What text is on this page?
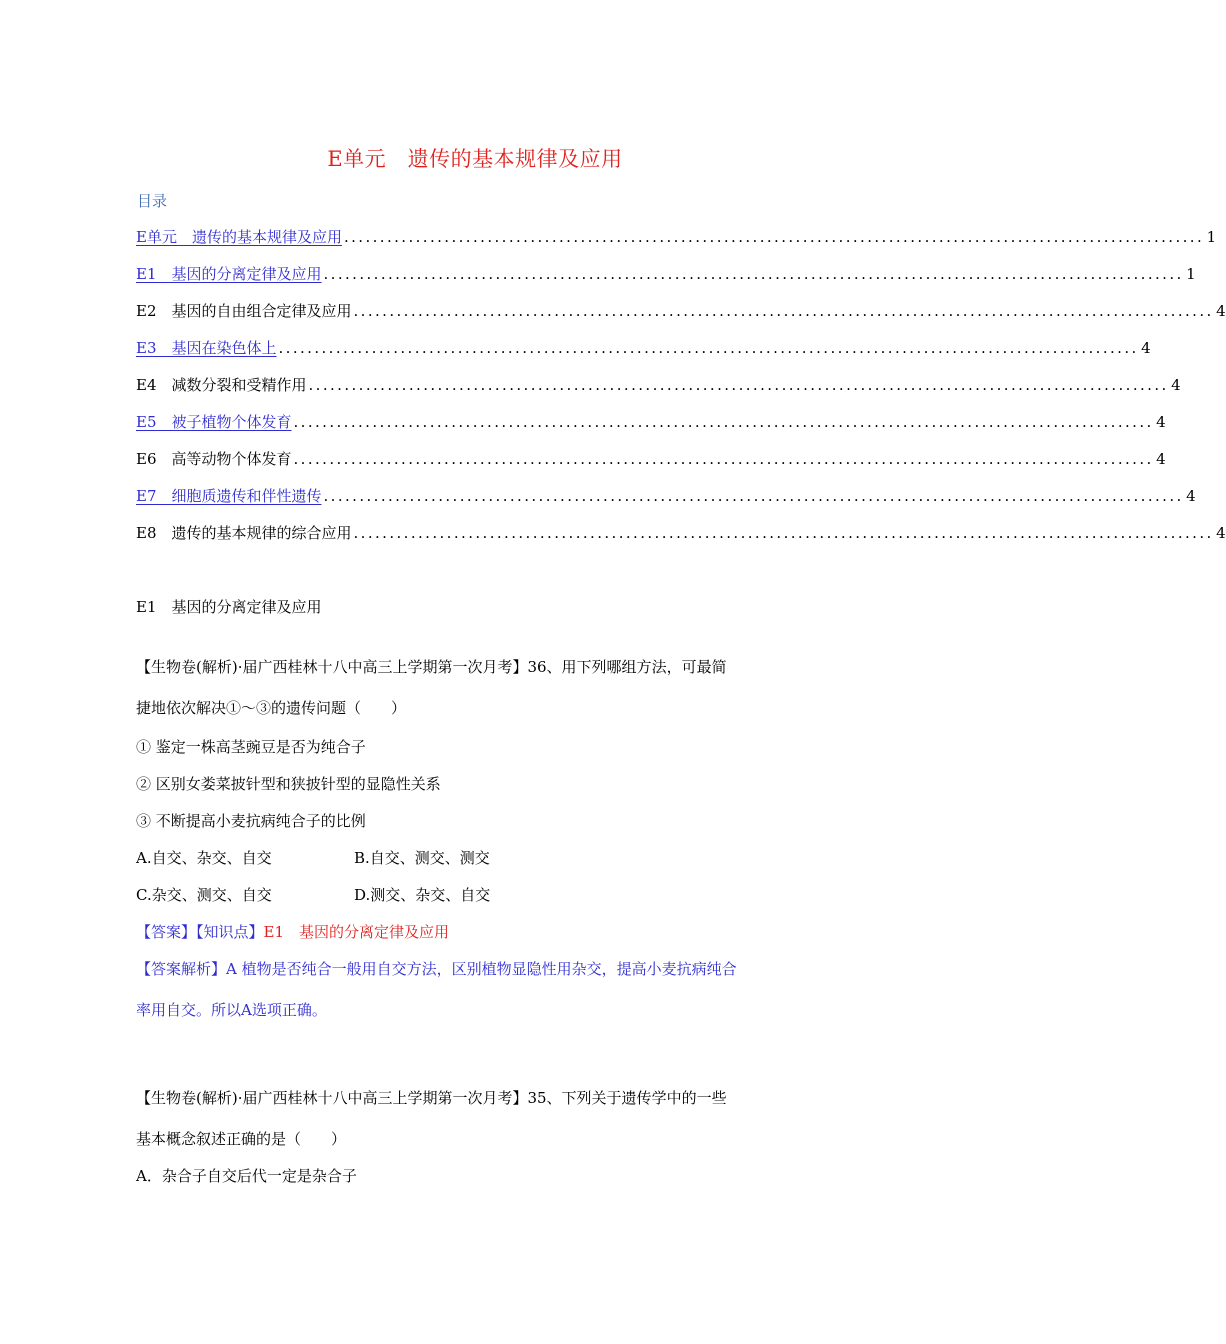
E单元　遗传的基本规律及应用
目录
E单元　遗传的基本规律及应用 ........................................................................................................................ 1
E1　基因的分离定律及应用 ........................................................................................................................ 1
E2　基因的自由组合定律及应用 ........................................................................................................................ 4
E3　基因在染色体上 ........................................................................................................................ 4
E4　减数分裂和受精作用 ........................................................................................................................ 4
E5　被子植物个体发育 ........................................................................................................................ 4
E6　高等动物个体发育 ........................................................................................................................ 4
E7　细胞质遗传和伴性遗传 ........................................................................................................................ 4
E8　遗传的基本规律的综合应用 ........................................................................................................................ 4
E1　基因的分离定律及应用
【生物卷(解析)·届广西桂林十八中高三上学期第一次月考】36、用下列哪组方法，可最简
捷地依次解决①～③的遗传问题（　　）
① 鉴定一株高茎豌豆是否为纯合子
② 区别女娄菜披针型和狭披针型的显隐性关系
③ 不断提高小麦抗病纯合子的比例
A.自交、杂交、自交	B.自交、测交、测交
C.杂交、测交、自交	D.测交、杂交、自交
【答案】【知识点】E1　基因的分离定律及应用
【答案解析】A 植物是否纯合一般用自交方法，区别植物显隐性用杂交，提高小麦抗病纯合
率用自交。所以A选项正确。
【生物卷(解析)·届广西桂林十八中高三上学期第一次月考】35、下列关于遗传学中的一些
基本概念叙述正确的是（　　）
A．杂合子自交后代一定是杂合子
